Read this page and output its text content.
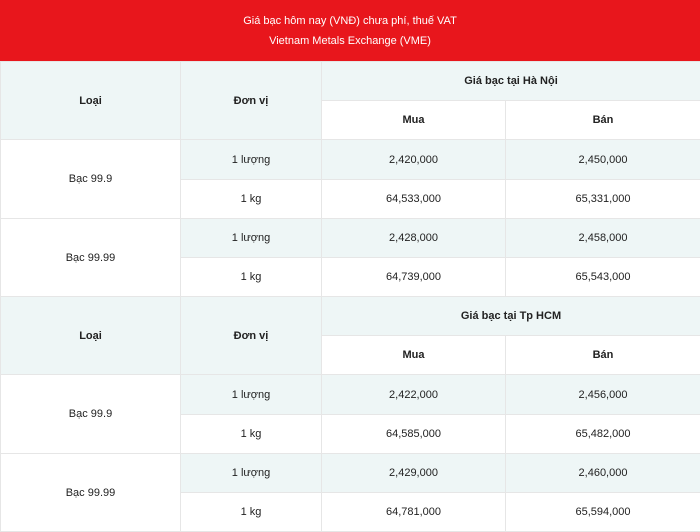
Giá bạc hôm nay (VNĐ) chưa phí, thuế VAT
Vietnam Metals Exchange (VME)
Loại	Đơn vị	Giá bạc tại Hà Nội	
		Mua	Bán
Bạc 99.9	1 lượng	2,420,000	2,450,000
	1 kg	64,533,000	65,331,000
Bạc 99.99	1 lượng	2,428,000	2,458,000
	1 kg	64,739,000	65,543,000
Loại	Đơn vị	Giá bạc tại Tp HCM	
		Mua	Bán
Bạc 99.9	1 lượng	2,422,000	2,456,000
	1 kg	64,585,000	65,482,000
Bạc 99.99	1 lượng	2,429,000	2,460,000
	1 kg	64,781,000	65,594,000
